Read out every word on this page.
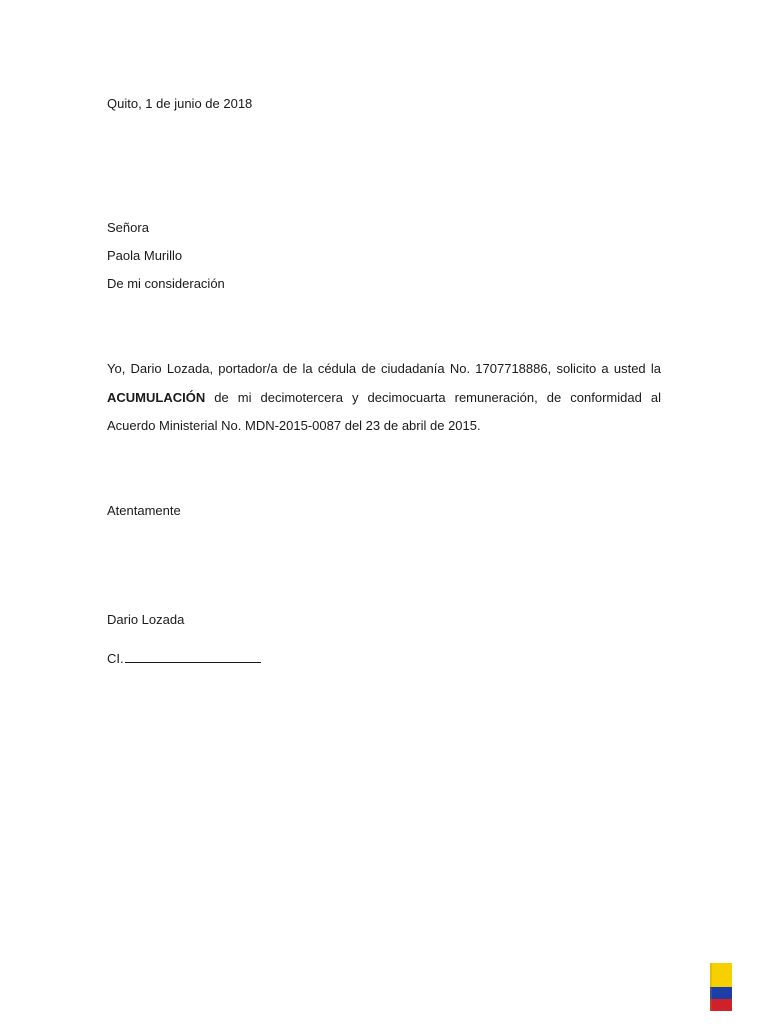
Quito, 1 de junio de 2018
Señora
Paola Murillo
De mi consideración
Yo, Dario Lozada, portador/a de la cédula de ciudadanía No. 1707718886, solicito a usted la
ACUMULACIÓN de mi decimotercera y decimocuarta remuneración, de conformidad al
Acuerdo Ministerial No. MDN-2015-0087 del 23 de abril de 2015.
Atentamente
Dario Lozada
CI.
